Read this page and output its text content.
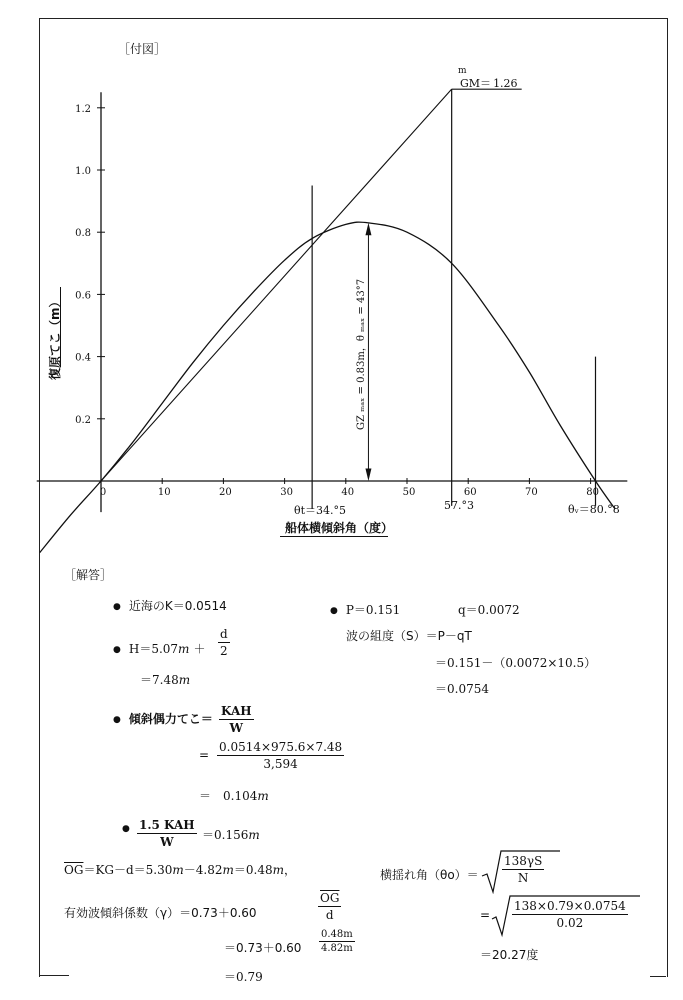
［付図］
0.2
0.4
0.6
0.8
1.0
1.2
0	10	20	30	40	50	60	70	80
m
GM＝ 1.26
復原てこ（m）	GZ ₘₐₓ = 0.83m，θ ₘₐₓ = 43°7
θt＝34.°5	57.°3	θᵥ＝80.°8
船体横傾斜角（度）
［解答］
● 近海のK＝0.0514
● $H=5.07m + \frac{d}{2}$
＝7.48m
● 傾斜偶力てこ＝
KAH
W
= $\frac{0.0514\times 975.6\times 7.48}{3,594}$
＝　0.104m
● 1.5 KAH
W ＝0.156m
$\overline{OG}=KG-d=5.30m-4.82m=0.48m$，
有効波傾斜係数（γ）＝0.73＋0.60	$\frac{\overline{OG}}{d}$
$=0.73+0.60 \frac{0.48m}{4.82m}$
＝0.79
● P＝0.151	q＝0.0072
波の組度（S）＝P－qT
＝0.151－（0.0072×10.5）
＝0.0754
横揺れ角$(\theta o)= \frac{138\gamma S}{N}$
= $\frac{138\times 0.79\times 0.0754}{0.02}$
＝20.27度
